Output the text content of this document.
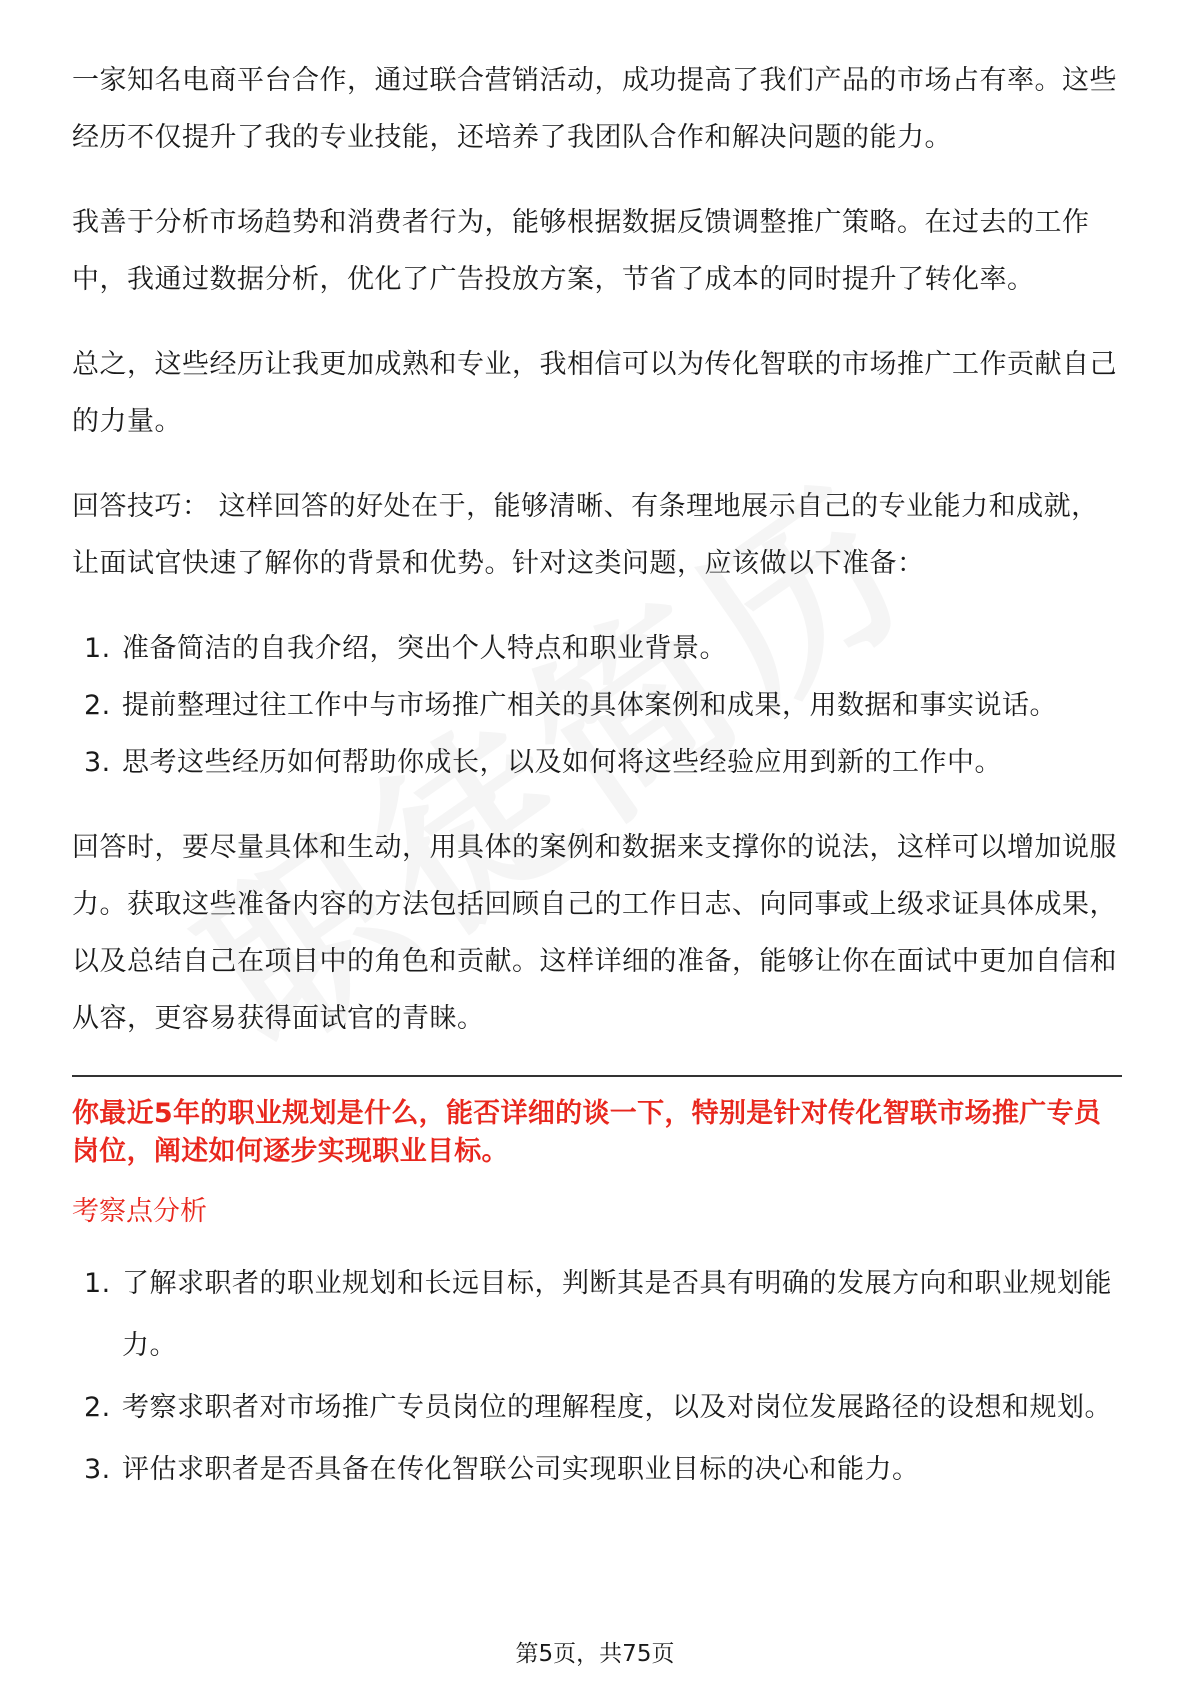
一家知名电商平台合作，通过联合营销活动，成功提高了我们产品的市场占有率。这些经历不仅提升了我的专业技能，还培养了我团队合作和解决问题的能力。

我善于分析市场趋势和消费者行为，能够根据数据反馈调整推广策略。在过去的工作中，我通过数据分析，优化了广告投放方案，节省了成本的同时提升了转化率。

总之，这些经历让我更加成熟和专业，我相信可以为传化智联的市场推广工作贡献自己的力量。

回答技巧： 这样回答的好处在于，能够清晰、有条理地展示自己的专业能力和成就，让面试官快速了解你的背景和优势。针对这类问题，应该做以下准备：

1. 准备简洁的自我介绍，突出个人特点和职业背景。
2. 提前整理过往工作中与市场推广相关的具体案例和成果，用数据和事实说话。
3. 思考这些经历如何帮助你成长，以及如何将这些经验应用到新的工作中。

回答时，要尽量具体和生动，用具体的案例和数据来支撑你的说法，这样可以增加说服力。获取这些准备内容的方法包括回顾自己的工作日志、向同事或上级求证具体成果，以及总结自己在项目中的角色和贡献。这样详细的准备，能够让你在面试中更加自信和从容，更容易获得面试官的青睐。

你最近5年的职业规划是什么，能否详细的谈一下，特别是针对传化智联市场推广专员岗位，阐述如何逐步实现职业目标。
考察点分析
1. 了解求职者的职业规划和长远目标，判断其是否具有明确的发展方向和职业规划能力。
2. 考察求职者对市场推广专员岗位的理解程度，以及对岗位发展路径的设想和规划。
3. 评估求职者是否具备在传化智联公司实现职业目标的决心和能力。
第5页，共75页
